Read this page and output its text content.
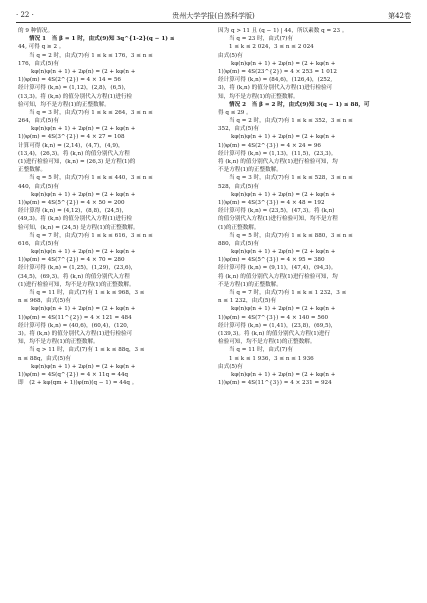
· 22 ·	贵州大学学报(自然科学版)	第42卷
的 9 种情况。
情况 1　当 β = 1 时，由式(9)知 3q^{1-2}(q − 1) ≤
44, 可得 q ≥ 2 。
当 q = 2 时，由式(7)有 1 ≤ k ≤ 176，3 ≤ n ≤
176，由式(5)有
kφ(n)φ(n + 1) + 2φ(n) = (2 + kφ(n +
1))φ(m) = 4S(2^{2}) = 4 × 14 = 56
经计算可得 (k,n) = (1,12)，(2,8)，(6,5)，
(13,3)。将 (k,n) 的值分别代入方程(1)进行检
验可知，均不是方程(1)的正整数解。
当 q = 3 时，由式(7)有 1 ≤ k ≤ 264，3 ≤ n ≤
264，由式(5)有
kφ(n)φ(n + 1) + 2φ(n) = (2 + kφ(n +
1))φ(m) = 4S(3^{2}) = 4 × 27 = 108
计算可得 (k,n) = (2,14)，(4,7)，(4,9)，
(13,4)，(26,3)。将 (k,n) 的值分别代入方程
(1)进行检验可知，(k,n) = (26,3) 是方程(1)的
正整数解。
当 q = 5 时，由式(7)有 1 ≤ k ≤ 440，3 ≤ n ≤
440，由式(5)有
kφ(n)φ(n + 1) + 2φ(n) = (2 + kφ(n +
1))φ(m) = 4S(5^{2}) = 4 × 50 = 200
经计算得 (k,n) = (4,12)，(8,8)，(24,5)，
(49,3)。将 (k,n) 的值分别代入方程(1)进行检
验可知，(k,n) = (24,5) 是方程(1)的正整数解。
当 q = 7 时，由式(7)有 1 ≤ k ≤ 616，3 ≤ n ≤
616，由式(5)有
kφ(n)φ(n + 1) + 2φ(n) = (2 + kφ(n +
1))φ(m) = 4S(7^{2}) = 4 × 70 = 280
经计算可得 (k,n) = (1,25)，(1,29)，(23,6)，
(34,5)，(69,3)。将 (k,n) 的值分别代入方程
(1)进行检验可知，均不是方程(1)的正整数解。
当 q = 11 时，由式(7)有 1 ≤ k ≤ 968，3 ≤
n ≤ 968，由式(5)有
kφ(n)φ(n + 1) + 2φ(n) = (2 + kφ(n +
1))φ(m) = 4S(11^{2}) = 4 × 121 = 484
经计算可得 (k,n) = (40,6)，(60,4)，(120,
3)。将 (k,n) 的值分别代入方程(1)进行检验可
知，均不是方程(1)的正整数解。
当 q > 11 时，由式(7)有 1 ≤ k ≤ 88q，3 ≤
n ≤ 88q，由式(5)有
kφ(n)φ(n + 1) + 2φ(n) = (2 + kφ(n +
1))φ(m) = 4S(q^{2}) = 4 × 11q = 44q
即　(2 + kφ(qm + 1))φ(m)(q − 1) = 44q 。
因为 q > 11 且 (q − 1) | 44，所以素数 q = 23 。
当 q = 23 时，由式(7)有
1 ≤ k ≤ 2 024，3 ≤ n ≤ 2 024
由式(5)有
kφ(n)φ(n + 1) + 2φ(n) = (2 + kφ(n +
1))φ(m) = 4S(23^{2}) = 4 × 253 = 1 012
经计算可得 (k,n) = (84,6)，(126,4)，(252,
3)，将 (k,n) 的值分别代入方程(1)进行检验可
知，均不是方程(1)的正整数解。
情况 2　当 β = 2 时，由式(9)知 3(q − 1) ≤ 88，可
得 q ≤ 29 。
当 q = 2 时，由式(7)有 1 ≤ k ≤ 352，3 ≤ n ≤
352，由式(5)有
kφ(n)φ(n + 1) + 2φ(n) = (2 + kφ(n +
1))φ(m) = 4S(2^{3}) = 4 × 24 = 96
经计算可得 (k,n) = (1,13)，(11,5)，(23,3)。
将 (k,n) 的值分别代入方程(1)进行检验可知，均
不是方程(1)的正整数解。
当 q = 3 时，由式(7)有 1 ≤ k ≤ 528，3 ≤ n ≤
528，由式(5)有
kφ(n)φ(n + 1) + 2φ(n) = (2 + kφ(n +
1))φ(m) = 4S(3^{3}) = 4 × 48 = 192
经计算可得 (k,n) = (23,5)，(47,3)。将 (k,n)
的值分别代入方程(1)进行检验可知，均不是方程
(1)的正整数解。
当 q = 5 时，由式(7)有 1 ≤ k ≤ 880，3 ≤ n ≤
880，由式(5)有
kφ(n)φ(n + 1) + 2φ(n) = (2 + kφ(n +
1))φ(m) = 4S(5^{3}) = 4 × 95 = 380
经计算可得 (k,n) = (9,11)，(47,4)，(94,3)。
将 (k,n) 的值分别代入方程(1)进行检验可知，均
不是方程(1)的正整数解。
当 q = 7 时，由式(7)有 1 ≤ k ≤ 1 232，3 ≤
n ≤ 1 232，由式(5)有
kφ(n)φ(n + 1) + 2φ(n) = (2 + kφ(n +
1))φ(m) = 4S(7^{3}) = 4 × 140 = 560
经计算可得 (k,n) = (1,41)，(23,8)，(69,5)，
(139,3)。将 (k,n) 的值分别代入方程(1)进行
检验可知，均不是方程(1)的正整数解。
当 q = 11 时，由式(7)有
1 ≤ k ≤ 1 936，3 ≤ n ≤ 1 936
由式(5)有
kφ(n)φ(n + 1) + 2φ(n) = (2 + kφ(n +
1))φ(m) = 4S(11^{3}) = 4 × 231 = 924
